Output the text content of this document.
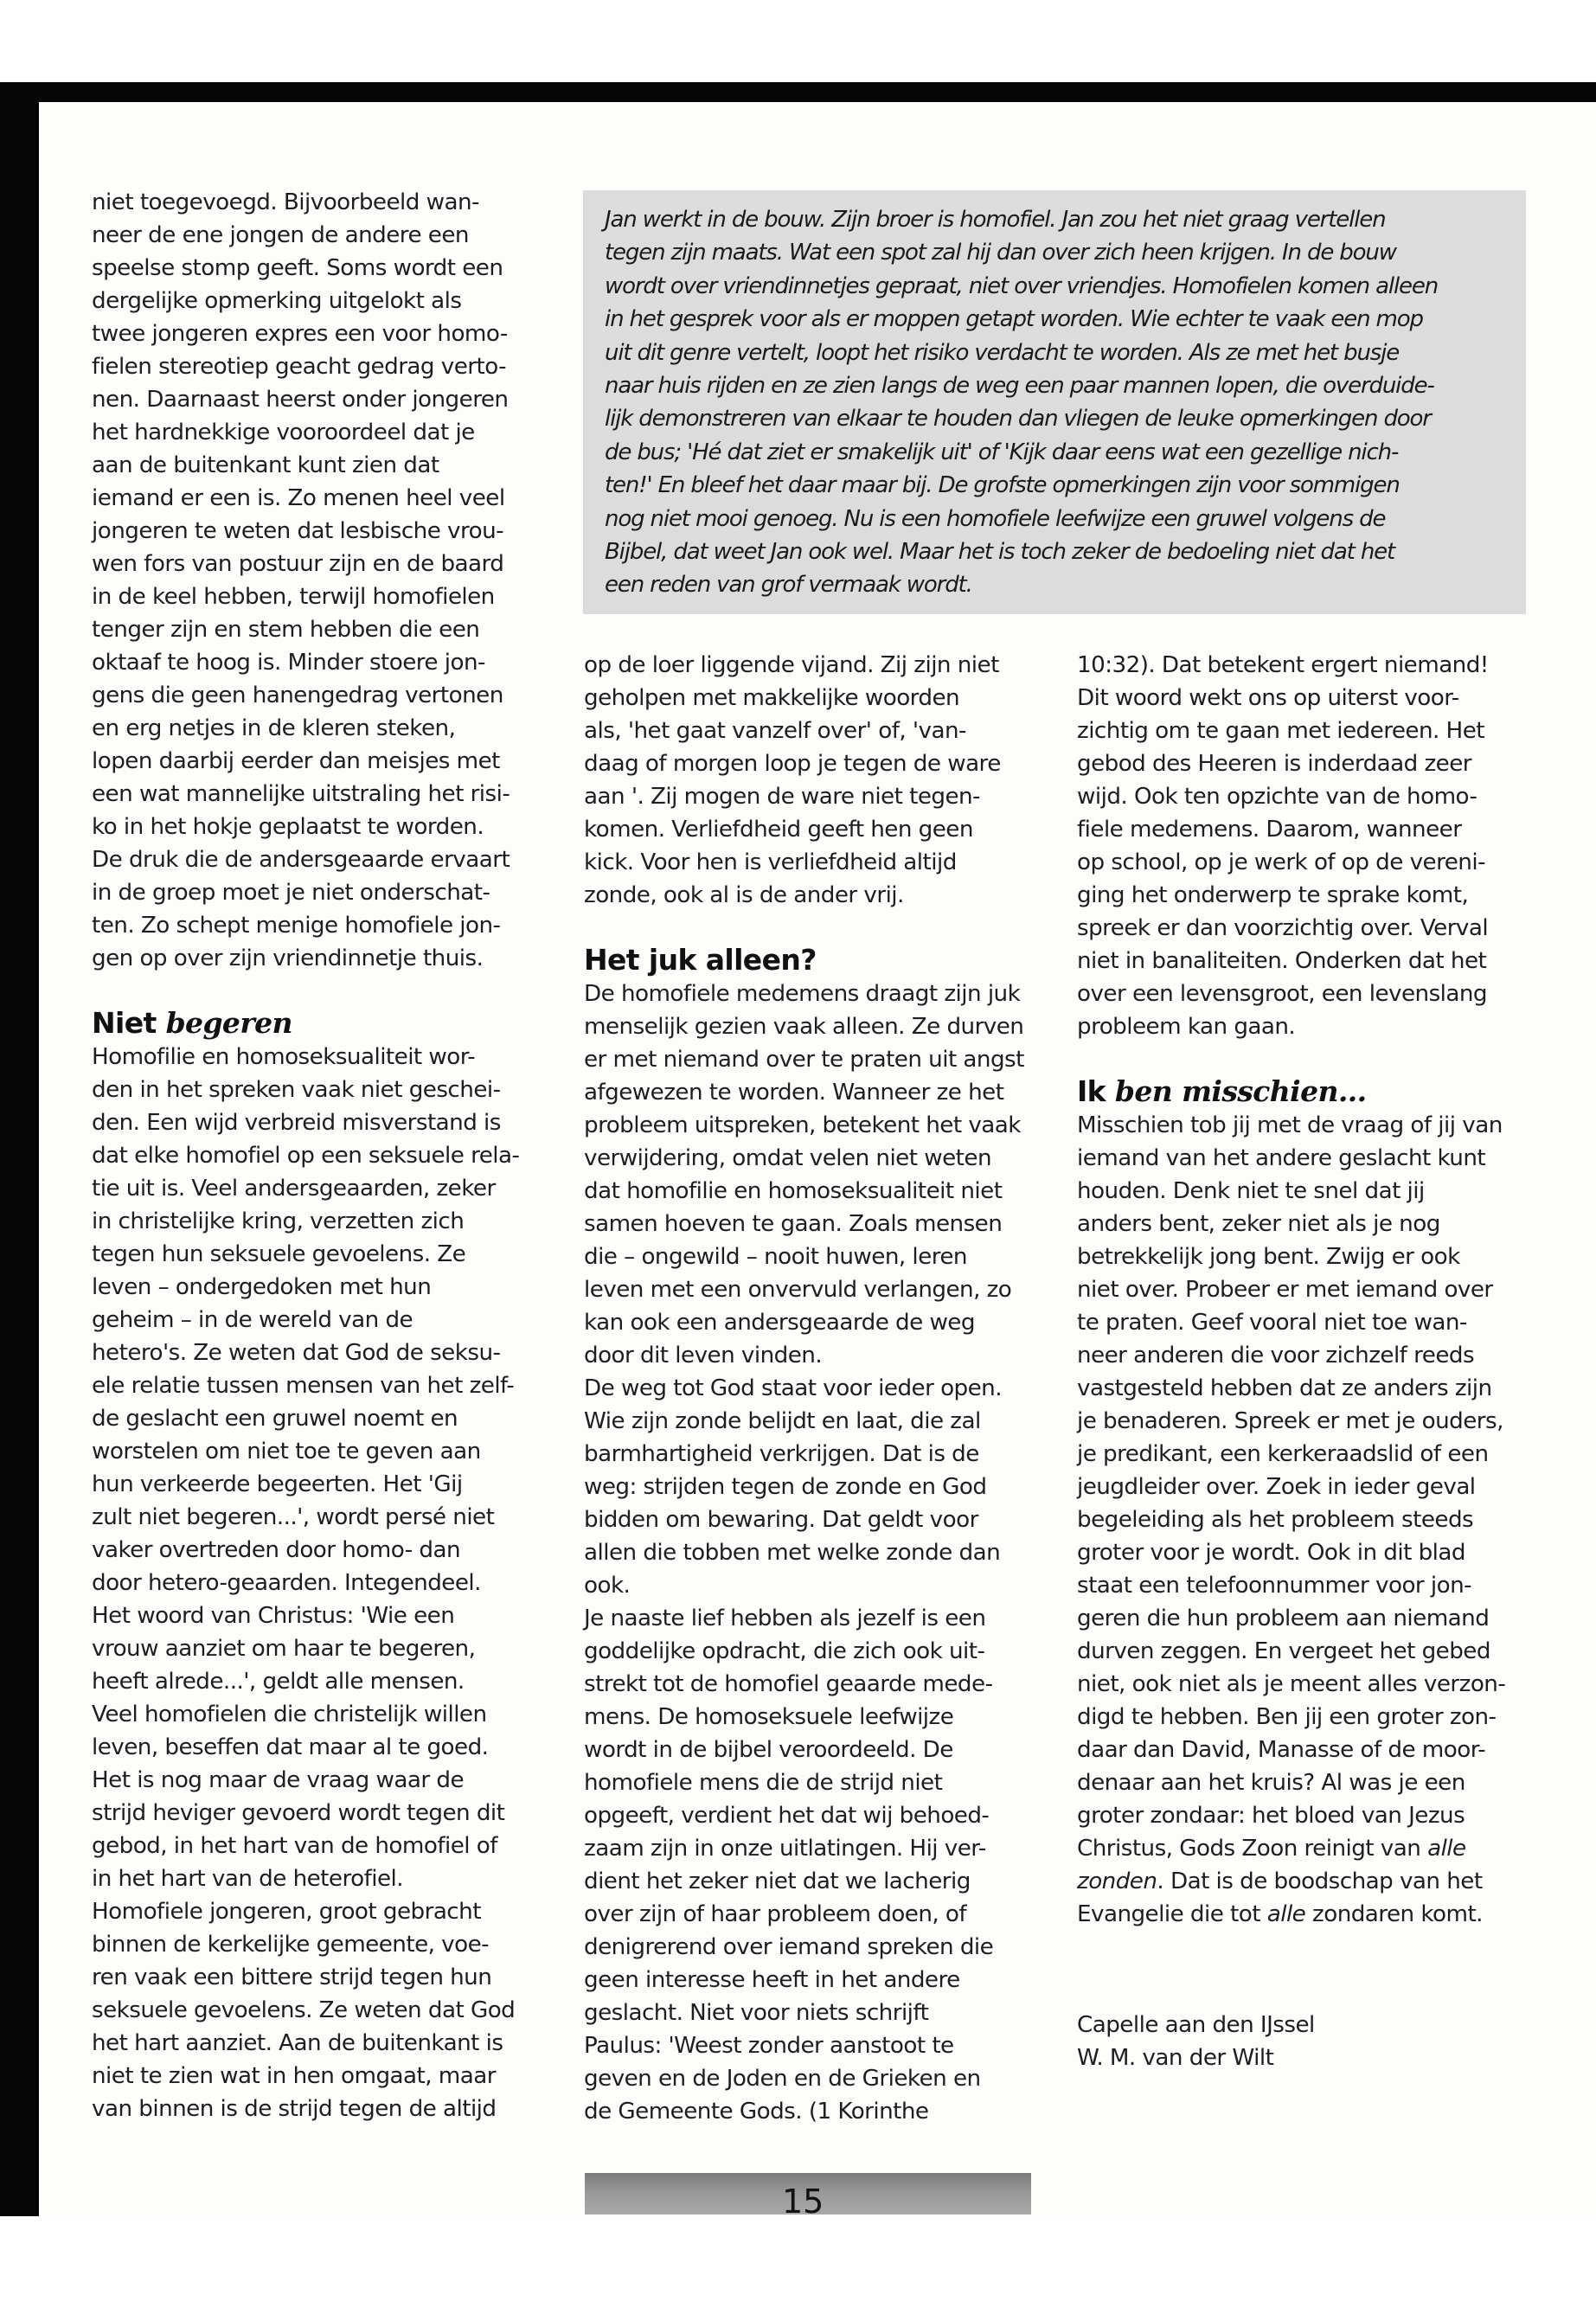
Jan werkt in de bouw. Zijn broer is homofiel. Jan zou het niet graag vertellen
tegen zijn maats. Wat een spot zal hij dan over zich heen krijgen. In de bouw
wordt over vriendinnetjes gepraat, niet over vriendjes. Homofielen komen alleen
in het gesprek voor als er moppen getapt worden. Wie echter te vaak een mop
uit dit genre vertelt, loopt het risiko verdacht te worden. Als ze met het busje
naar huis rijden en ze zien langs de weg een paar mannen lopen, die overduide-
lijk demonstreren van elkaar te houden dan vliegen de leuke opmerkingen door
de bus; 'Hé dat ziet er smakelijk uit' of 'Kijk daar eens wat een gezellige nich-
ten!' En bleef het daar maar bij. De grofste opmerkingen zijn voor sommigen
nog niet mooi genoeg. Nu is een homofiele leefwijze een gruwel volgens de
Bijbel, dat weet Jan ook wel. Maar het is toch zeker de bedoeling niet dat het
een reden van grof vermaak wordt.

niet toegevoegd. Bijvoorbeeld wan-
neer de ene jongen de andere een
speelse stomp geeft. Soms wordt een
dergelijke opmerking uitgelokt als
twee jongeren expres een voor homo-
fielen stereotiep geacht gedrag verto-
nen. Daarnaast heerst onder jongeren
het hardnekkige vooroordeel dat je
aan de buitenkant kunt zien dat
iemand er een is. Zo menen heel veel
jongeren te weten dat lesbische vrou-
wen fors van postuur zijn en de baard
in de keel hebben, terwijl homofielen
tenger zijn en stem hebben die een
oktaaf te hoog is. Minder stoere jon-
gens die geen hanengedrag vertonen
en erg netjes in de kleren steken,
lopen daarbij eerder dan meisjes met
een wat mannelijke uitstraling het risi-
ko in het hokje geplaatst te worden.
De druk die de andersgeaarde ervaart
in de groep moet je niet onderschat-
ten. Zo schept menige homofiele jon-
gen op over zijn vriendinnetje thuis.
Niet begeren
Homofilie en homoseksualiteit wor-
den in het spreken vaak niet geschei-
den. Een wijd verbreid misverstand is
dat elke homofiel op een seksuele rela-
tie uit is. Veel andersgeaarden, zeker
in christelijke kring, verzetten zich
tegen hun seksuele gevoelens. Ze
leven – ondergedoken met hun
geheim – in de wereld van de
hetero's. Ze weten dat God de seksu-
ele relatie tussen mensen van het zelf-
de geslacht een gruwel noemt en
worstelen om niet toe te geven aan
hun verkeerde begeerten. Het 'Gij
zult niet begeren...', wordt persé niet
vaker overtreden door homo- dan
door hetero-geaarden. Integendeel.
Het woord van Christus: 'Wie een
vrouw aanziet om haar te begeren,
heeft alrede...', geldt alle mensen.
Veel homofielen die christelijk willen
leven, beseffen dat maar al te goed.
Het is nog maar de vraag waar de
strijd heviger gevoerd wordt tegen dit
gebod, in het hart van de homofiel of
in het hart van de heterofiel.
Homofiele jongeren, groot gebracht
binnen de kerkelijke gemeente, voe-
ren vaak een bittere strijd tegen hun
seksuele gevoelens. Ze weten dat God
het hart aanziet. Aan de buitenkant is
niet te zien wat in hen omgaat, maar
van binnen is de strijd tegen de altijd
op de loer liggende vijand. Zij zijn niet
geholpen met makkelijke woorden
als, 'het gaat vanzelf over' of, 'van-
daag of morgen loop je tegen de ware
aan '. Zij mogen de ware niet tegen-
komen. Verliefdheid geeft hen geen
kick. Voor hen is verliefdheid altijd
zonde, ook al is de ander vrij.
Het juk alleen?
De homofiele medemens draagt zijn juk
menselijk gezien vaak alleen. Ze durven
er met niemand over te praten uit angst
afgewezen te worden. Wanneer ze het
probleem uitspreken, betekent het vaak
verwijdering, omdat velen niet weten
dat homofilie en homoseksualiteit niet
samen hoeven te gaan. Zoals mensen
die – ongewild – nooit huwen, leren
leven met een onvervuld verlangen, zo
kan ook een andersgeaarde de weg
door dit leven vinden.
De weg tot God staat voor ieder open.
Wie zijn zonde belijdt en laat, die zal
barmhartigheid verkrijgen. Dat is de
weg: strijden tegen de zonde en God
bidden om bewaring. Dat geldt voor
allen die tobben met welke zonde dan
ook.
Je naaste lief hebben als jezelf is een
goddelijke opdracht, die zich ook uit-
strekt tot de homofiel geaarde mede-
mens. De homoseksuele leefwijze
wordt in de bijbel veroordeeld. De
homofiele mens die de strijd niet
opgeeft, verdient het dat wij behoed-
zaam zijn in onze uitlatingen. Hij ver-
dient het zeker niet dat we lacherig
over zijn of haar probleem doen, of
denigrerend over iemand spreken die
geen interesse heeft in het andere
geslacht. Niet voor niets schrijft
Paulus: 'Weest zonder aanstoot te
geven en de Joden en de Grieken en
de Gemeente Gods. (1 Korinthe
10:32). Dat betekent ergert niemand!
Dit woord wekt ons op uiterst voor-
zichtig om te gaan met iedereen. Het
gebod des Heeren is inderdaad zeer
wijd. Ook ten opzichte van de homo-
fiele medemens. Daarom, wanneer
op school, op je werk of op de vereni-
ging het onderwerp te sprake komt,
spreek er dan voorzichtig over. Verval
niet in banaliteiten. Onderken dat het
over een levensgroot, een levenslang
probleem kan gaan.
Ik ben misschien...
Misschien tob jij met de vraag of jij van
iemand van het andere geslacht kunt
houden. Denk niet te snel dat jij
anders bent, zeker niet als je nog
betrekkelijk jong bent. Zwijg er ook
niet over. Probeer er met iemand over
te praten. Geef vooral niet toe wan-
neer anderen die voor zichzelf reeds
vastgesteld hebben dat ze anders zijn
je benaderen. Spreek er met je ouders,
je predikant, een kerkeraadslid of een
jeugdleider over. Zoek in ieder geval
begeleiding als het probleem steeds
groter voor je wordt. Ook in dit blad
staat een telefoonnummer voor jon-
geren die hun probleem aan niemand
durven zeggen. En vergeet het gebed
niet, ook niet als je meent alles verzon-
digd te hebben. Ben jij een groter zon-
daar dan David, Manasse of de moor-
denaar aan het kruis? Al was je een
groter zondaar: het bloed van Jezus
Christus, Gods Zoon reinigt van alle
zonden. Dat is de boodschap van het
Evangelie die tot alle zondaren komt.
Capelle aan den IJssel
W. M. van der Wilt
15
